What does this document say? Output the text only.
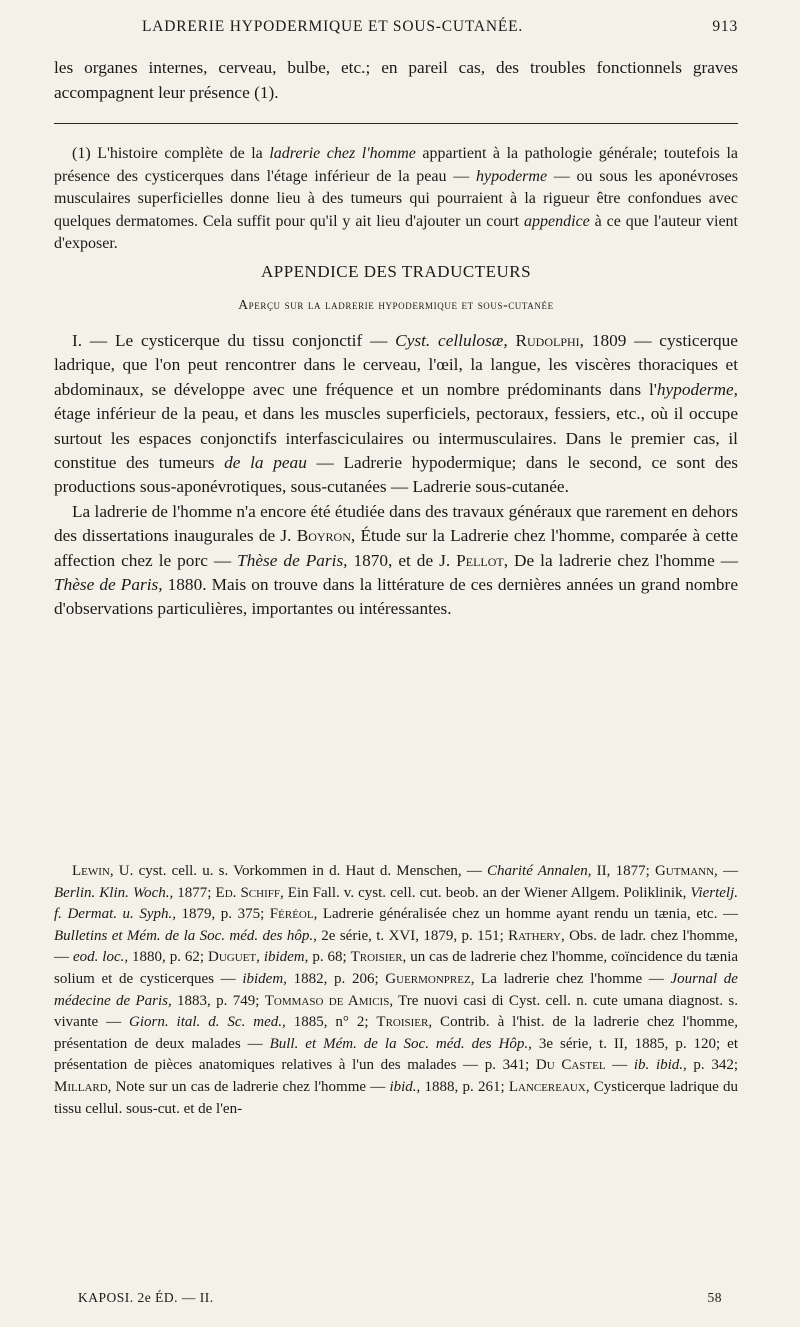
LADRERIE HYPODERMIQUE ET SOUS-CUTANÉE.	913

les organes internes, cerveau, bulbe, etc.; en pareil cas, des troubles fonctionnels graves accompagnent leur présence (1).

(1) L'histoire complète de la ladrerie chez l'homme appartient à la pathologie générale; toutefois la présence des cysticerques dans l'étage inférieur de la peau — hypoderme — ou sous les aponévroses musculaires superficielles donne lieu à des tumeurs qui pourraient à la rigueur être confondues avec quelques dermatomes. Cela suffit pour qu'il y ait lieu d'ajouter un court appendice à ce que l'auteur vient d'exposer.

APPENDICE DES TRADUCTEURS
Aperçu sur la ladrerie hypodermique et sous-cutanée

I. — Le cysticerque du tissu conjonctif — Cyst. cellulosæ, Rudolphi, 1809 — cysticerque ladrique, que l'on peut rencontrer dans le cerveau, l'œil, la langue, les viscères thoraciques et abdominaux, se développe avec une fréquence et un nombre prédominants dans l'hypoderme, étage inférieur de la peau, et dans les muscles superficiels, pectoraux, fessiers, etc., où il occupe surtout les espaces conjonctifs interfasciculaires ou intermusculaires. Dans le premier cas, il constitue des tumeurs de la peau — Ladrerie hypodermique; dans le second, ce sont des productions sous-aponévrotiques, sous-cutanées — Ladrerie sous-cutanée.

La ladrerie de l'homme n'a encore été étudiée dans des travaux généraux que rarement en dehors des dissertations inaugurales de J. Boyron, Étude sur la Ladrerie chez l'homme, comparée à cette affection chez le porc — Thèse de Paris, 1870, et de J. Pellot, De la ladrerie chez l'homme — Thèse de Paris, 1880. Mais on trouve dans la littérature de ces dernières années un grand nombre d'observations particulières, importantes ou intéressantes.

Lewin, U. cyst. cell. u. s. Vorkommen in d. Haut d. Menschen, — Charité Annalen, II, 1877; Gutmann, — Berlin. Klin. Woch., 1877; Ed. Schiff, Ein Fall. v. cyst. cell. cut. beob. an der Wiener Allgem. Poliklinik, Viertelj. f. Dermat. u. Syph., 1879, p. 375; Féréol, Ladrerie généralisée chez un homme ayant rendu un tænia, etc. — Bulletins et Mém. de la Soc. méd. des hôp., 2e série, t. XVI, 1879, p. 151; Rathery, Obs. de ladr. chez l'homme, — eod. loc., 1880, p. 62; Duguet, ibidem, p. 68; Troisier, un cas de ladrerie chez l'homme, coïncidence du tænia solium et de cysticerques — ibidem, 1882, p. 206; Guermonprez, La ladrerie chez l'homme — Journal de médecine de Paris, 1883, p. 749; Tommaso de Amicis, Tre nuovi casi di Cyst. cell. n. cute umana diagnost. s. vivante — Giorn. ital. d. Sc. med., 1885, n° 2; Troisier, Contrib. à l'hist. de la ladrerie chez l'homme, présentation de deux malades — Bull. et Mém. de la Soc. méd. des Hôp., 3e série, t. II, 1885, p. 120; et présentation de pièces anatomiques relatives à l'un des malades — p. 341; Du Castel — ib. ibid., p. 342; Millard, Note sur un cas de ladrerie chez l'homme — ibid., 1888, p. 261; Lancereaux, Cysticerque ladrique du tissu cellul. sous-cut. et de l'en-

KAPOSI. 2e ÉD. — II.	58
